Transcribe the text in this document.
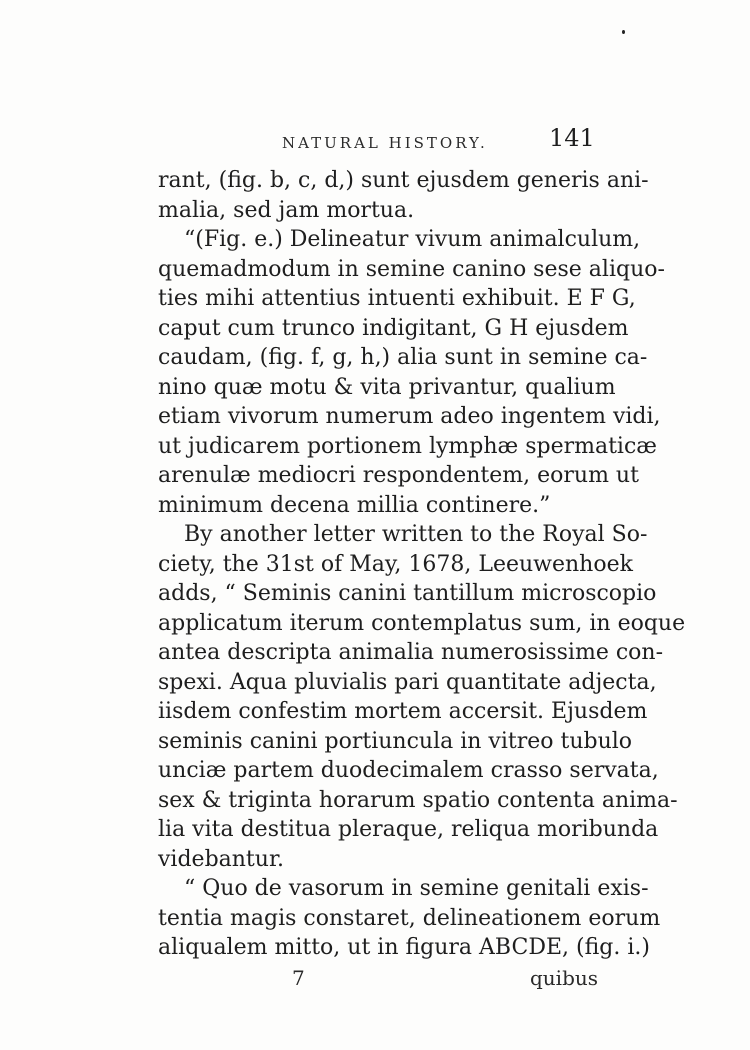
NATURAL HISTORY.	141
rant, (fig. b, c, d,) sunt ejusdem generis ani-
malia, sed jam mortua.
“(Fig. e.) Delineatur vivum animalculum,
quemadmodum in semine canino sese aliquo-
ties mihi attentius intuenti exhibuit. E F G,
caput cum trunco indigitant, G H ejusdem
caudam, (fig. f, g, h,) alia sunt in semine ca-
nino quæ motu & vita privantur, qualium
etiam vivorum numerum adeo ingentem vidi,
ut judicarem portionem lymphæ spermaticæ
arenulæ mediocri respondentem, eorum ut
minimum decena millia continere.”
By another letter written to the Royal So-
ciety, the 31st of May, 1678, Leeuwenhoek
adds, “ Seminis canini tantillum microscopio
applicatum iterum contemplatus sum, in eoque
antea descripta animalia numerosissime con-
spexi. Aqua pluvialis pari quantitate adjecta,
iisdem confestim mortem accersit. Ejusdem
seminis canini portiuncula in vitreo tubulo
unciæ partem duodecimalem crasso servata,
sex & triginta horarum spatio contenta anima-
lia vita destitua pleraque, reliqua moribunda
videbantur.
“ Quo de vasorum in semine genitali exis-
tentia magis constaret, delineationem eorum
aliqualem mitto, ut in figura ABCDE, (fig. i.)
7	quibus
